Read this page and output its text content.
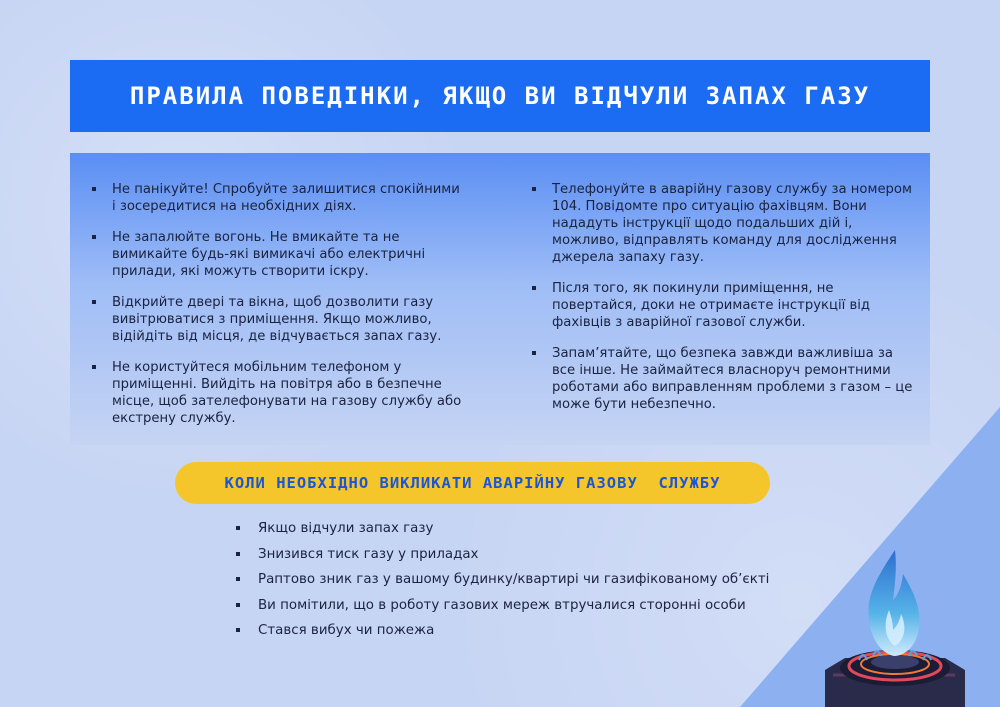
ПРАВИЛА ПОВЕДІНКИ, ЯКЩО ВИ ВІДЧУЛИ ЗАПАХ ГАЗУ
Не панікуйте! Спробуйте залишитися спокійними і зосередитися на необхідних діях.
Не запалюйте вогонь. Не вмикайте та не вимикайте будь-які вимикачі або електричні прилади, які можуть створити іскру.
Відкрийте двері та вікна, щоб дозволити газу вивітрюватися з приміщення. Якщо можливо, відійдіть від місця, де відчувається запах газу.
Не користуйтеся мобільним телефоном у приміщенні. Вийдіть на повітря або в безпечне місце, щоб зателефонувати на газову службу або екстрену службу.
Телефонуйте в аварійну газову службу за номером 104. Повідомте про ситуацію фахівцям. Вони нададуть інструкції щодо подальших дій і, можливо, відправлять команду для дослідження джерела запаху газу.
Після того, як покинули приміщення, не повертайся, доки не отримаєте інструкції від фахівців з аварійної газової служби.
Запам’ятайте, що безпека завжди важливіша за все інше. Не займайтеся власноруч ремонтними роботами або виправленням проблеми з газом – це може бути небезпечно.
КОЛИ НЕОБХІДНО ВИКЛИКАТИ АВАРІЙНУ ГАЗОВУ  СЛУЖБУ
Якщо відчули запах газу
Знизився тиск газу у приладах
Раптово зник газ у вашому будинку/квартирі чи газифікованому об’єкті
Ви помітили, що в роботу газових мереж втручалися сторонні особи
Стався вибух чи пожежа
